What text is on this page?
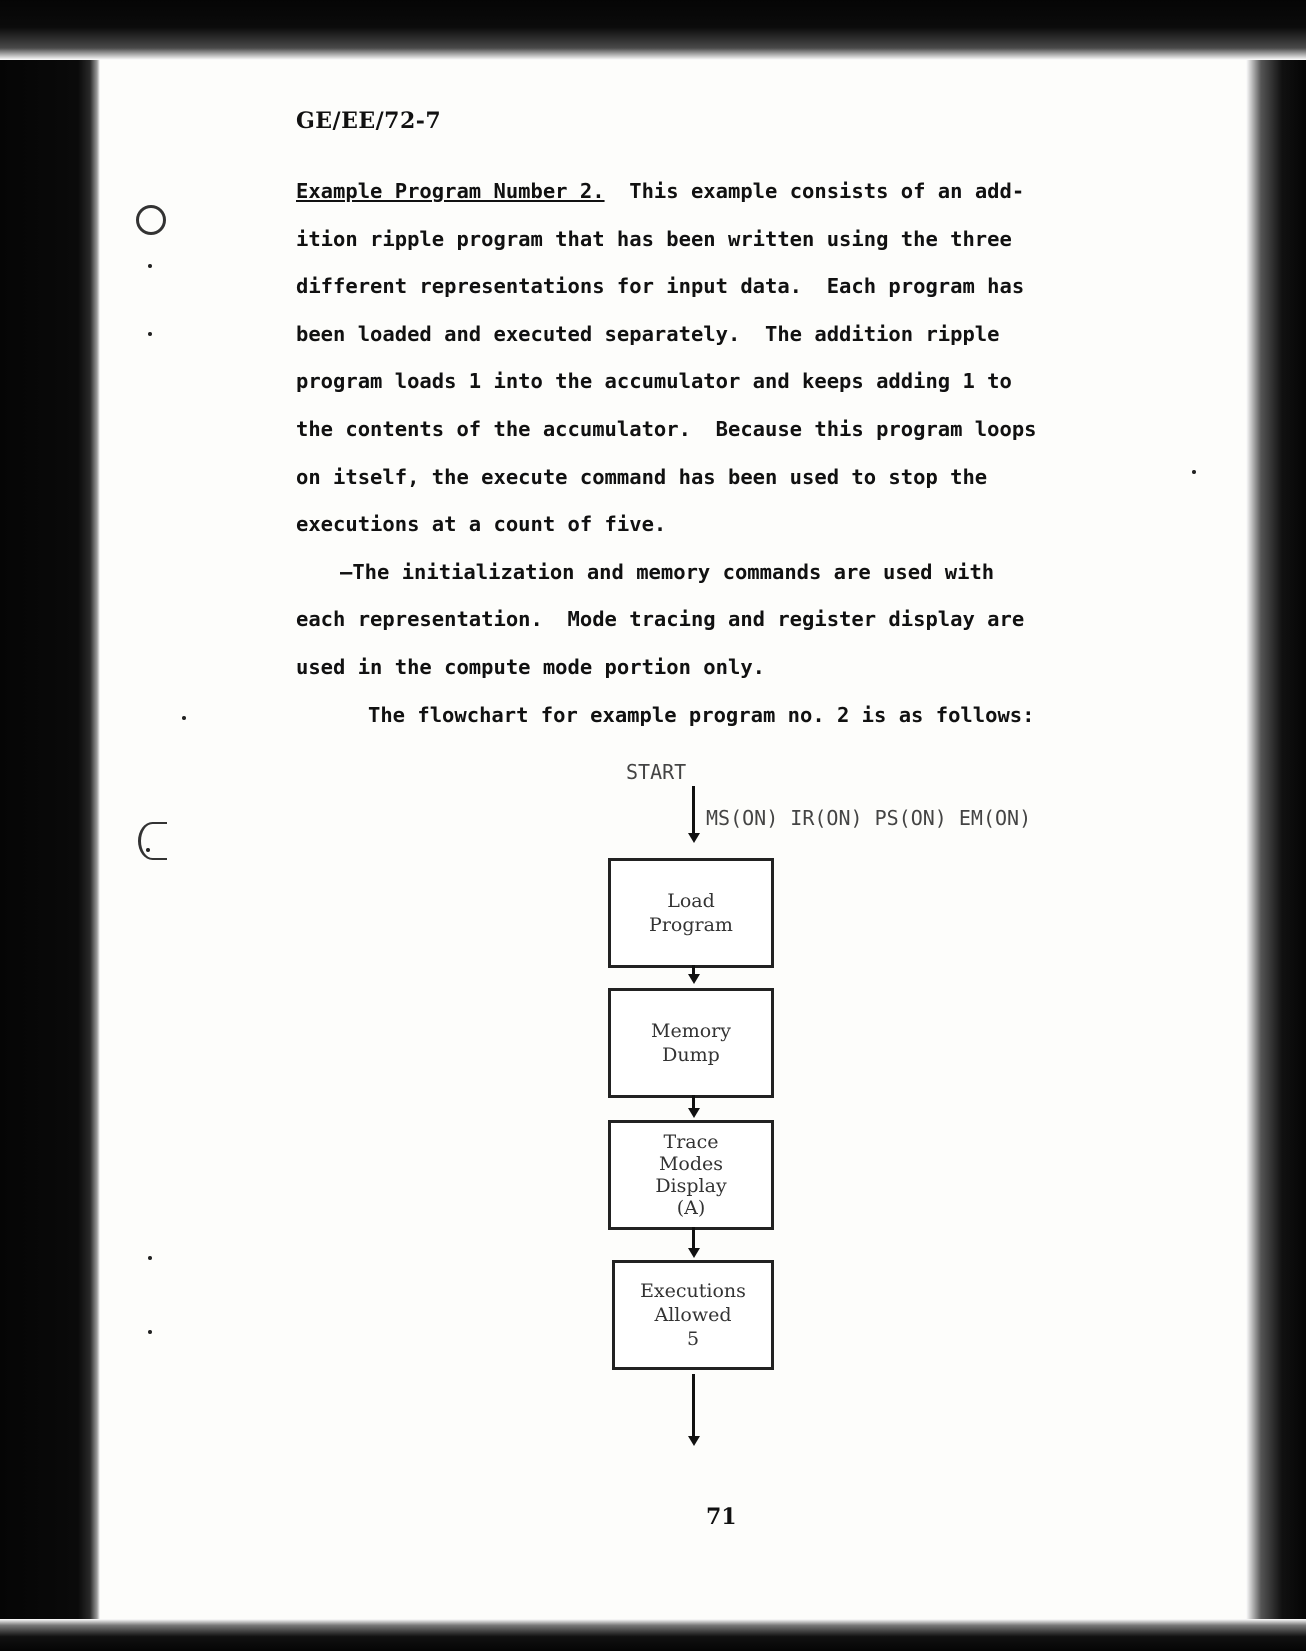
GE/EE/72-7

Example Program Number 2.  This example consists of an add-

ition ripple program that has been written using the three

different representations for input data.  Each program has

been loaded and executed separately.  The addition ripple

program loads 1 into the accumulator and keeps adding 1 to

the contents of the accumulator.  Because this program loops

on itself, the execute command has been used to stop the

executions at a count of five.

—The initialization and memory commands are used with

each representation.  Mode tracing and register display are

used in the compute mode portion only.

The flowchart for example program no. 2 is as follows:

START
MS(ON) IR(ON) PS(ON) EM(ON)
Load
Program
Memory
Dump
Trace
Modes
Display
(A)
Executions
Allowed
5
71
